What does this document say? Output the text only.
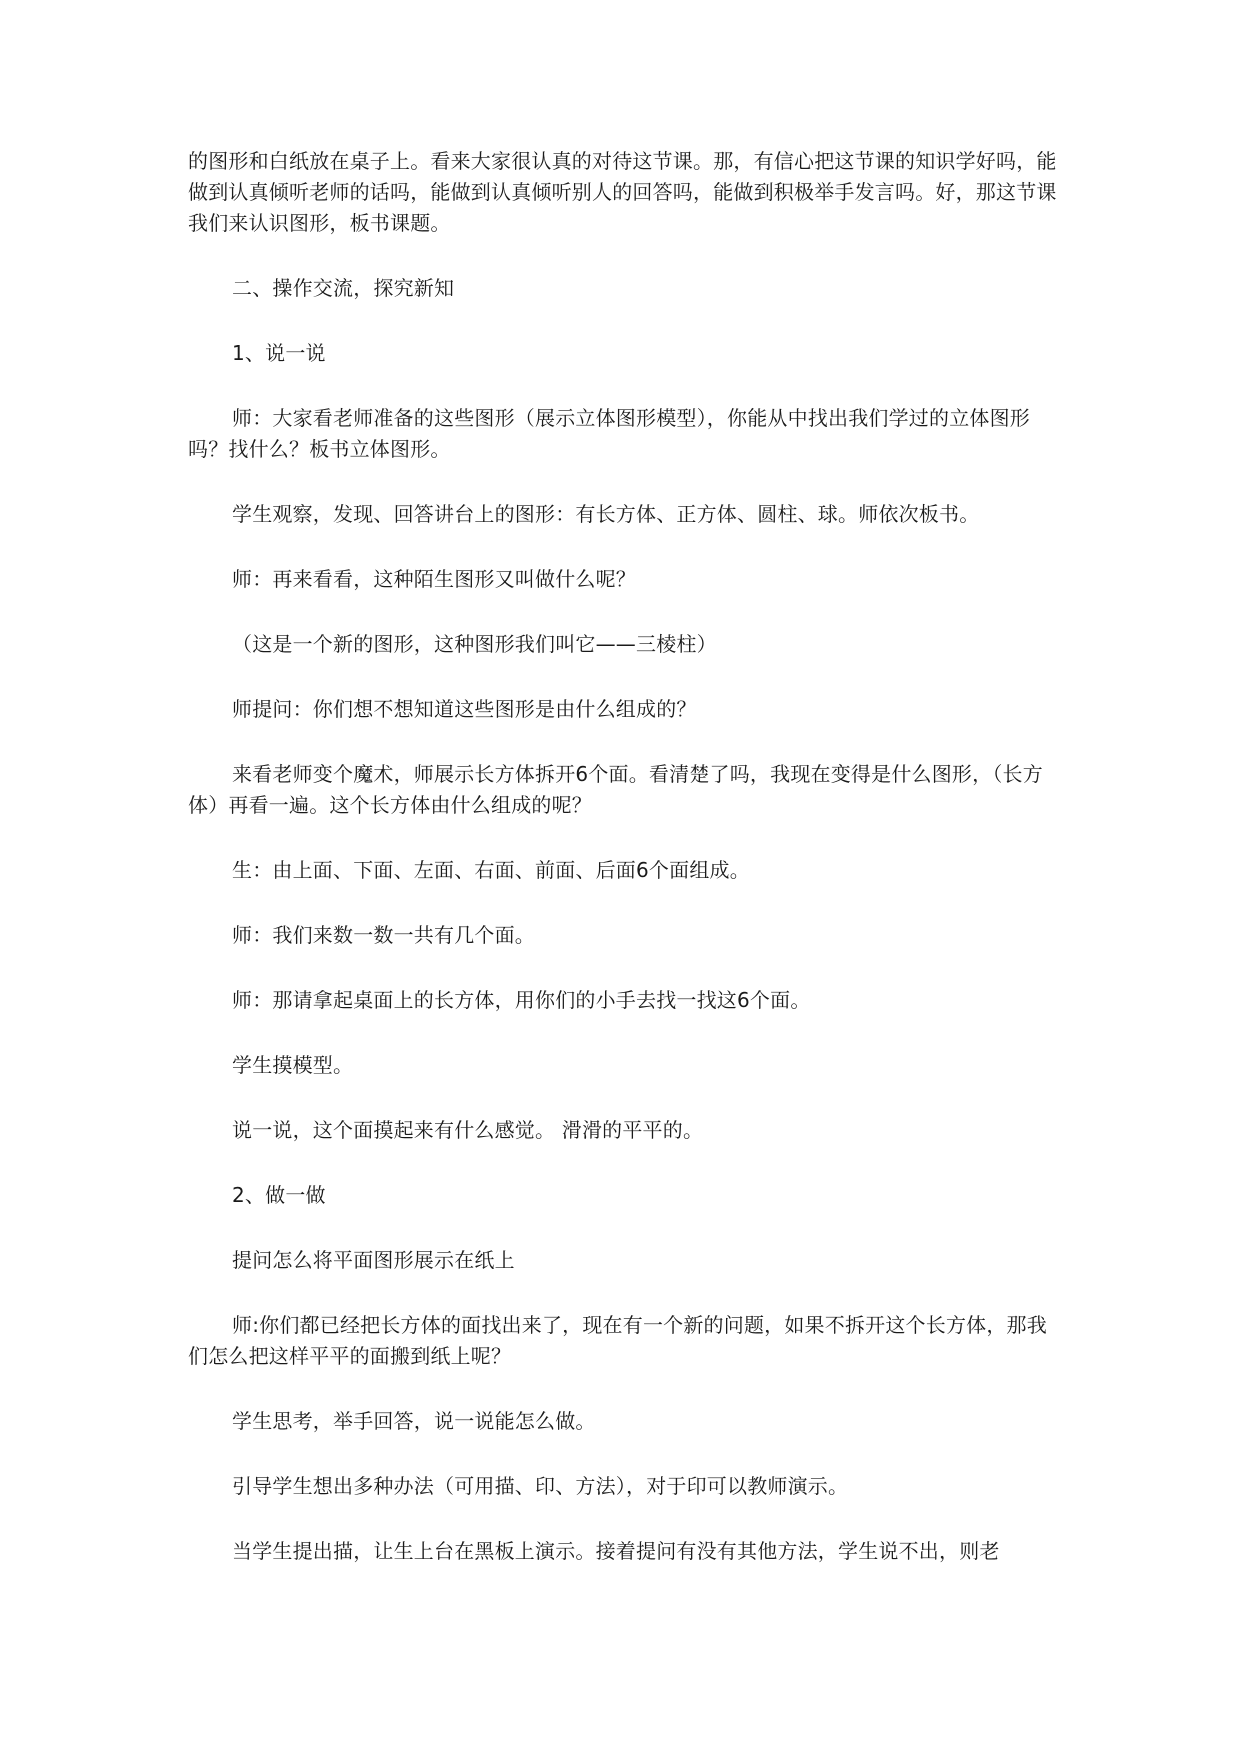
的图形和白纸放在桌子上。看来大家很认真的对待这节课。那，有信心把这节课的知识学好吗，能做到认真倾听老师的话吗，能做到认真倾听别人的回答吗，能做到积极举手发言吗。好，那这节课我们来认识图形，板书课题。

二、操作交流，探究新知

1、说一说

师：大家看老师准备的这些图形（展示立体图形模型），你能从中找出我们学过的立体图形吗？找什么？板书立体图形。

学生观察，发现、回答讲台上的图形：有长方体、正方体、圆柱、球。师依次板书。

师：再来看看，这种陌生图形又叫做什么呢？

（这是一个新的图形，这种图形我们叫它——三棱柱）

师提问：你们想不想知道这些图形是由什么组成的？

来看老师变个魔术，师展示长方体拆开6个面。看清楚了吗，我现在变得是什么图形，（长方体）再看一遍。这个长方体由什么组成的呢？

生：由上面、下面、左面、右面、前面、后面6个面组成。

师：我们来数一数一共有几个面。

师：那请拿起桌面上的长方体，用你们的小手去找一找这6个面。

学生摸模型。

说一说，这个面摸起来有什么感觉。 滑滑的平平的。

2、做一做

提问怎么将平面图形展示在纸上

师:你们都已经把长方体的面找出来了，现在有一个新的问题，如果不拆开这个长方体，那我们怎么把这样平平的面搬到纸上呢？

学生思考，举手回答，说一说能怎么做。

引导学生想出多种办法（可用描、印、方法），对于印可以教师演示。

当学生提出描，让生上台在黑板上演示。接着提问有没有其他方法，学生说不出，则老
